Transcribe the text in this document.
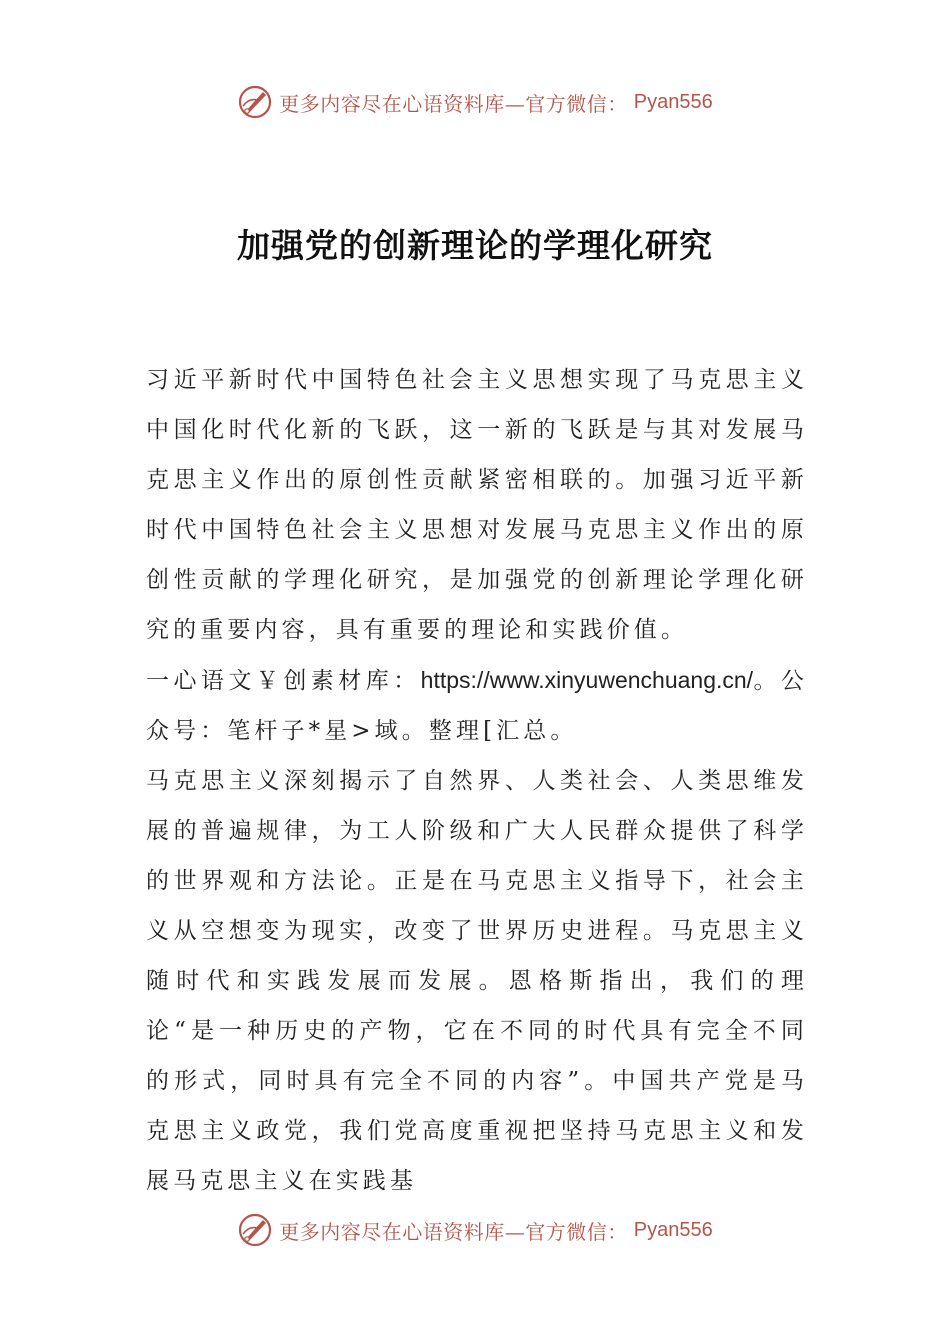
更多内容尽在心语资料库—官方微信： Pyan556
加强党的创新理论的学理化研究

习近平新时代中国特色社会主义思想实现了马克思主义中国化时代化新的飞跃，这一新的飞跃是与其对发展马克思主义作出的原创性贡献紧密相联的。加强习近平新时代中国特色社会主义思想对发展马克思主义作出的原创性贡献的学理化研究，是加强党的创新理论学理化研究的重要内容，具有重要的理论和实践价值。

一心语文￥创素材库：https://www.xinyuwenchuang.cn/。公众号：笔杆子*星>域。整理[汇总。

马克思主义深刻揭示了自然界、人类社会、人类思维发展的普遍规律，为工人阶级和广大人民群众提供了科学的世界观和方法论。正是在马克思主义指导下，社会主义从空想变为现实，改变了世界历史进程。马克思主义随时代和实践发展而发展。恩格斯指出，我们的理论“是一种历史的产物，它在不同的时代具有完全不同的形式，同时具有完全不同的内容”。中国共产党是马克思主义政党，我们党高度重视把坚持马克思主义和发展马克思主义在实践基

更多内容尽在心语资料库—官方微信： Pyan556
